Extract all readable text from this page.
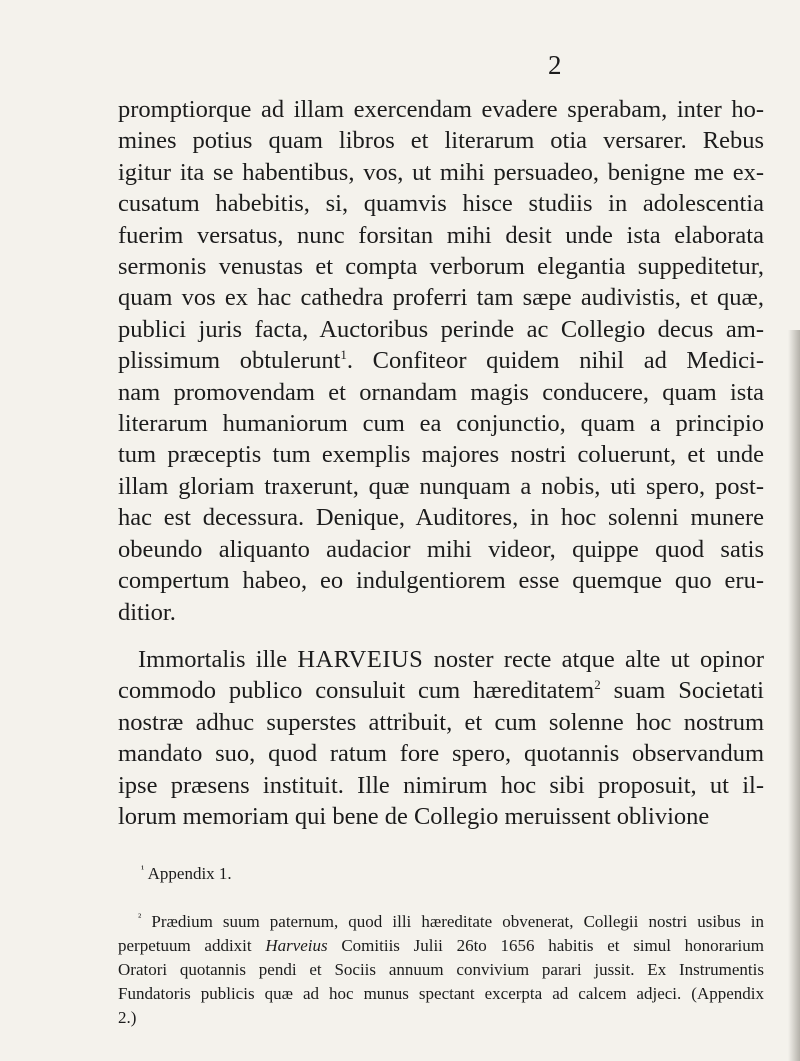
2
promptiorque ad illam exercendam evadere sperabam, inter ho-
mines potius quam libros et literarum otia versarer. Rebus
igitur ita se habentibus, vos, ut mihi persuadeo, benigne me ex-
cusatum habebitis, si, quamvis hisce studiis in adolescentia
fuerim versatus, nunc forsitan mihi desit unde ista elaborata
sermonis venustas et compta verborum elegantia suppeditetur,
quam vos ex hac cathedra proferri tam sæpe audivistis, et quæ,
publici juris facta, Auctoribus perinde ac Collegio decus am-
plissimum obtulerunt$^1$. Confiteor quidem nihil ad Medici-
nam promovendam et ornandam magis conducere, quam ista
literarum humaniorum cum ea conjunctio, quam a principio
tum præceptis tum exemplis majores nostri coluerunt, et unde
illam gloriam traxerunt, quæ nunquam a nobis, uti spero, post-
hac est decessura. Denique, Auditores, in hoc solenni munere
obeundo aliquanto audacior mihi videor, quippe quod satis
compertum habeo, eo indulgentiorem esse quemque quo eru-
ditior.
Immortalis ille HARVEIUS noster recte atque alte ut opinor
commodo publico consuluit cum hæreditatem$^2$ suam Societati
nostræ adhuc superstes attribuit, et cum solenne hoc nostrum
mandato suo, quod ratum fore spero, quotannis observandum
ipse præsens instituit. Ille nimirum hoc sibi proposuit, ut il-
lorum memoriam qui bene de Collegio meruissent oblivione
$^{^1}$ Appendix 1.
$^{^2}$ Prædium suum paternum, quod illi hæreditate obvenerat, Collegii nostri usibus in
perpetuum addixit Harveius Comitiis Julii 26to 1656 habitis et simul honorarium
Oratori quotannis pendi et Sociis annuum convivium parari jussit. Ex Instrumentis
Fundatoris publicis quæ ad hoc munus spectant excerpta ad calcem adjeci. (Appendix
2.)
